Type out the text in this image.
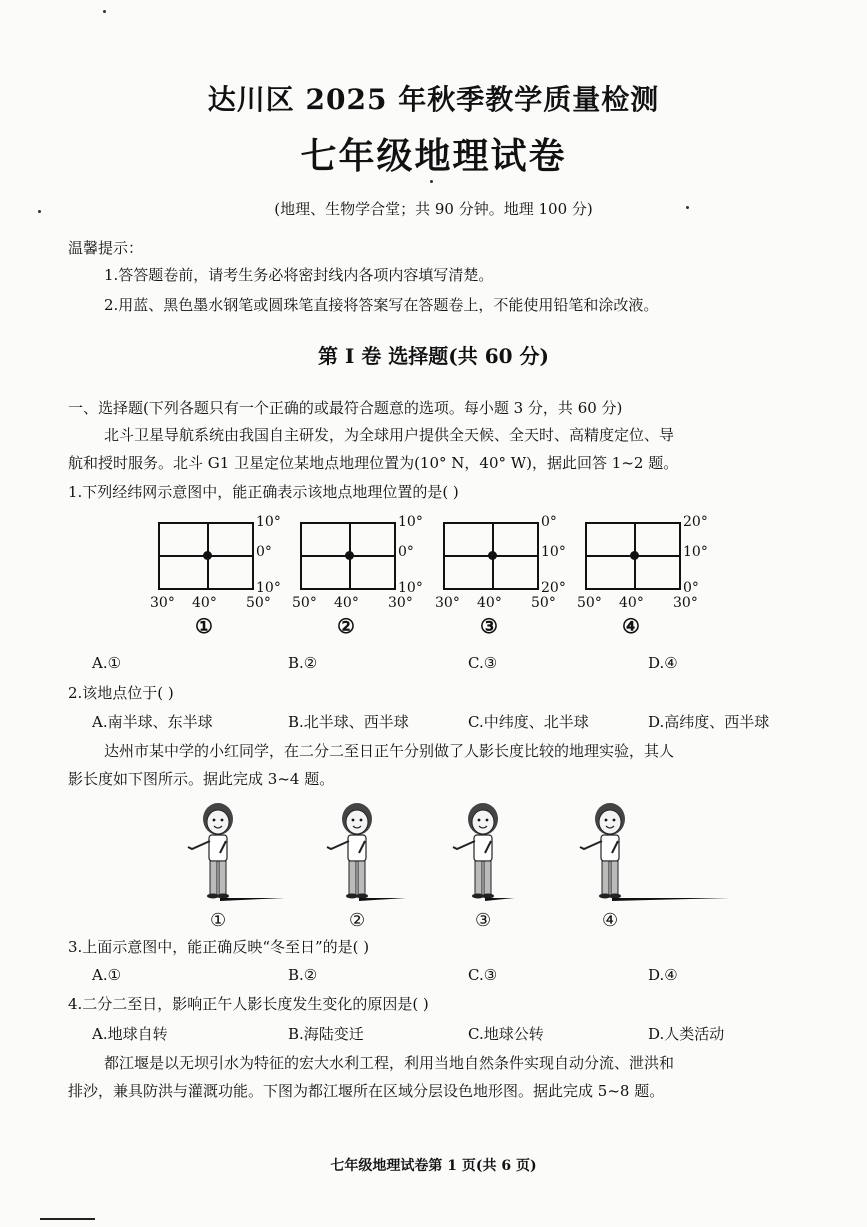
达川区 2025 年秋季教学质量检测
七年级地理试卷
(地理、生物学合堂；共 90 分钟。地理 100 分)
温馨提示：
1.答答题卷前，请考生务必将密封线内各项内容填写清楚。
2.用蓝、黑色墨水钢笔或圆珠笔直接将答案写在答题卷上，不能使用铅笔和涂改液。
第 I 卷 选择题(共 60 分)
一、选择题(下列各题只有一个正确的或最符合题意的选项。每小题 3 分，共 60 分)
北斗卫星导航系统由我国自主研发，为全球用户提供全天候、全天时、高精度定位、导
航和授时服务。北斗 G1 卫星定位某地点地理位置为(10° N，40° W)，据此回答 1~2 题。
1.下列经纬网示意图中，能正确表示该地点地理位置的是( )
10°
0°
10°
30° 40° 50°
①
10°
0°
10°
50° 40° 30°
②
0°
10°
20°
30° 40° 50°
③
20°
10°
0°
50° 40° 30°
④
A.①	B.②	C.③	D.④
2.该地点位于( )
A.南半球、东半球	B.北半球、西半球	C.中纬度、北半球	D.高纬度、西半球
达州市某中学的小红同学，在二分二至日正午分别做了人影长度比较的地理实验，其人
影长度如下图所示。据此完成 3~4 题。
①	②	③	④
3.上面示意图中，能正确反映“冬至日”的是( )
A.①	B.②	C.③	D.④
4.二分二至日，影响正午人影长度发生变化的原因是( )
A.地球自转	B.海陆变迁	C.地球公转	D.人类活动
都江堰是以无坝引水为特征的宏大水利工程，利用当地自然条件实现自动分流、泄洪和
排沙，兼具防洪与灌溉功能。下图为都江堰所在区域分层设色地形图。据此完成 5~8 题。
七年级地理试卷第 1 页(共 6 页)
